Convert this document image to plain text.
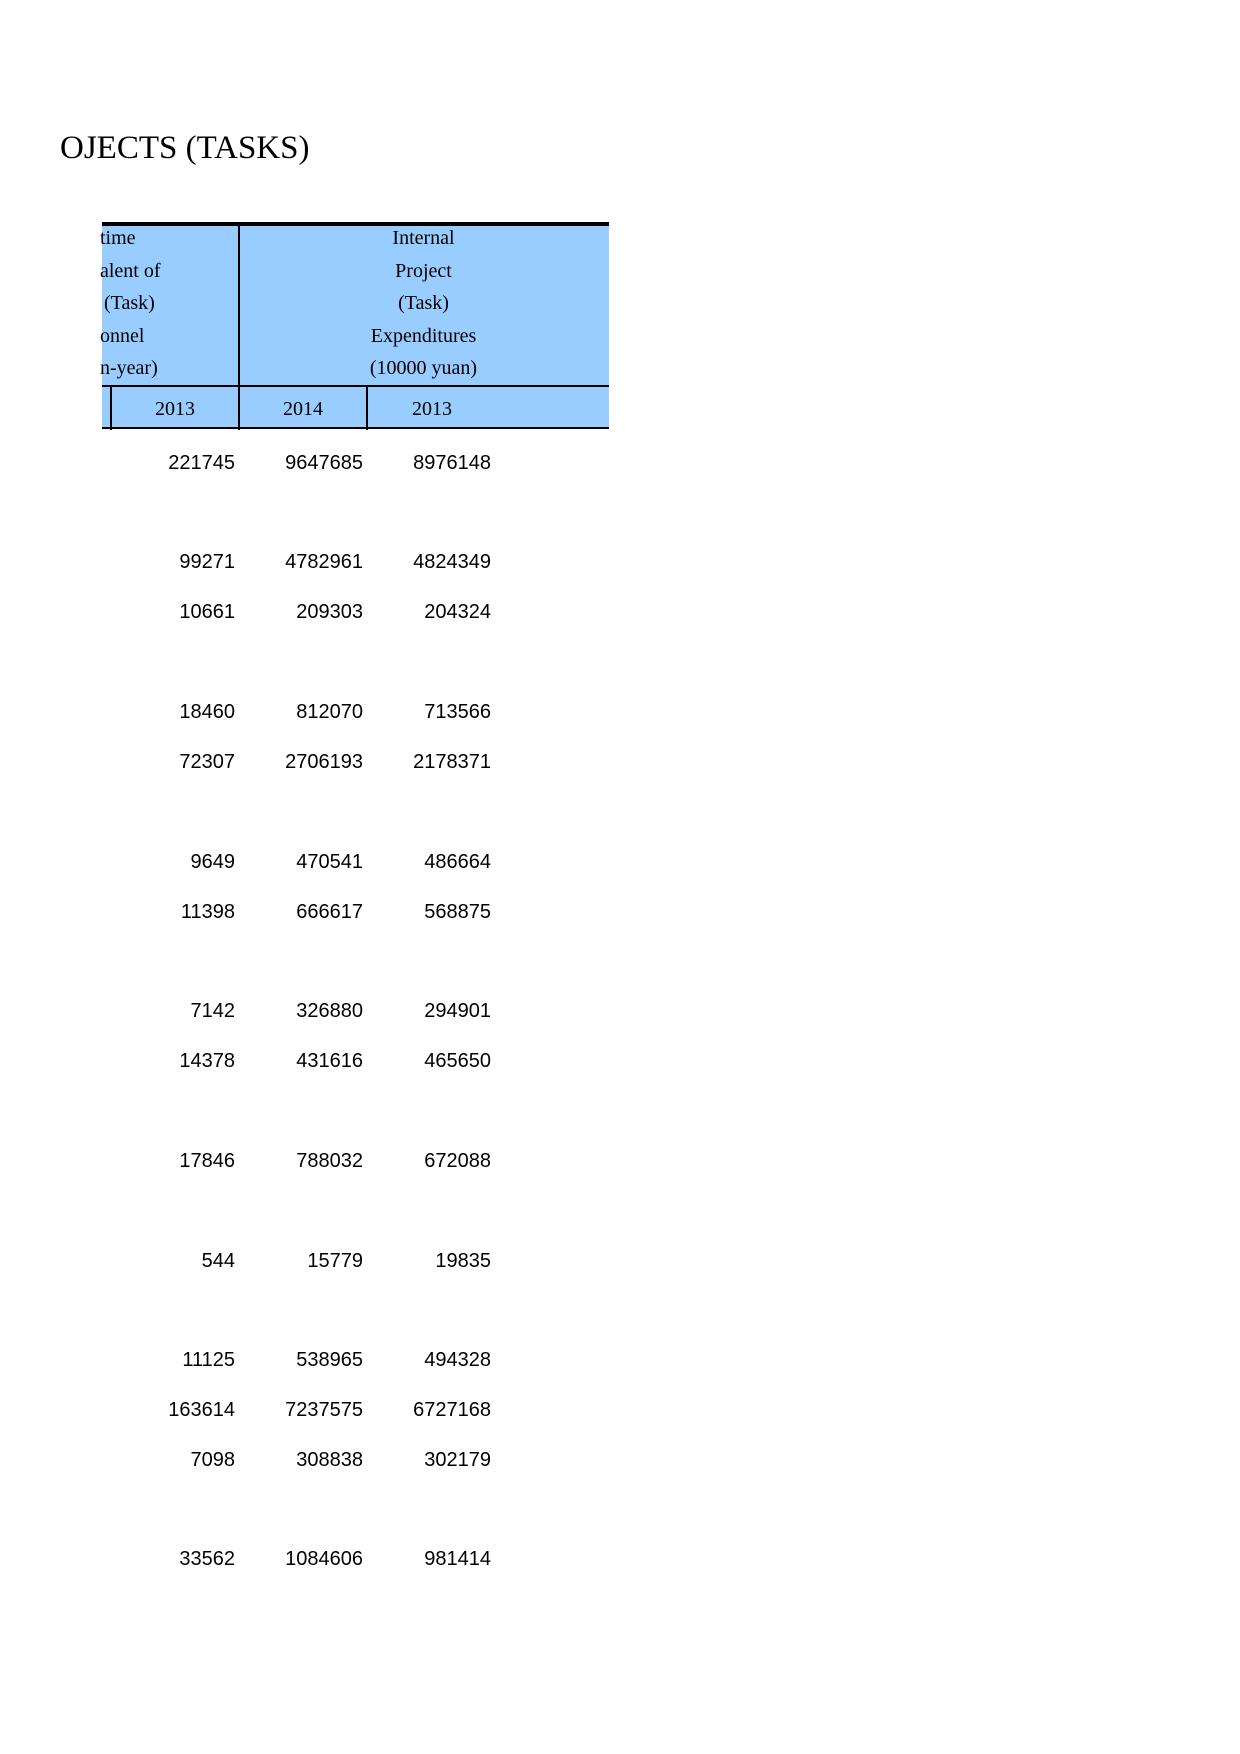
OJECTS (TASKS)
time
alent of
(Task)
onnel
n-year)
Internal
Project
(Task)
Expenditures
(10000 yuan)
2013	2014	2013
221745	9647685	8976148
99271	4782961	4824349
10661	209303	204324
18460	812070	713566
72307	2706193	2178371
9649	470541	486664
11398	666617	568875
7142	326880	294901
14378	431616	465650
17846	788032	672088
544	15779	19835
11125	538965	494328
163614	7237575	6727168
7098	308838	302179
33562	1084606	981414
